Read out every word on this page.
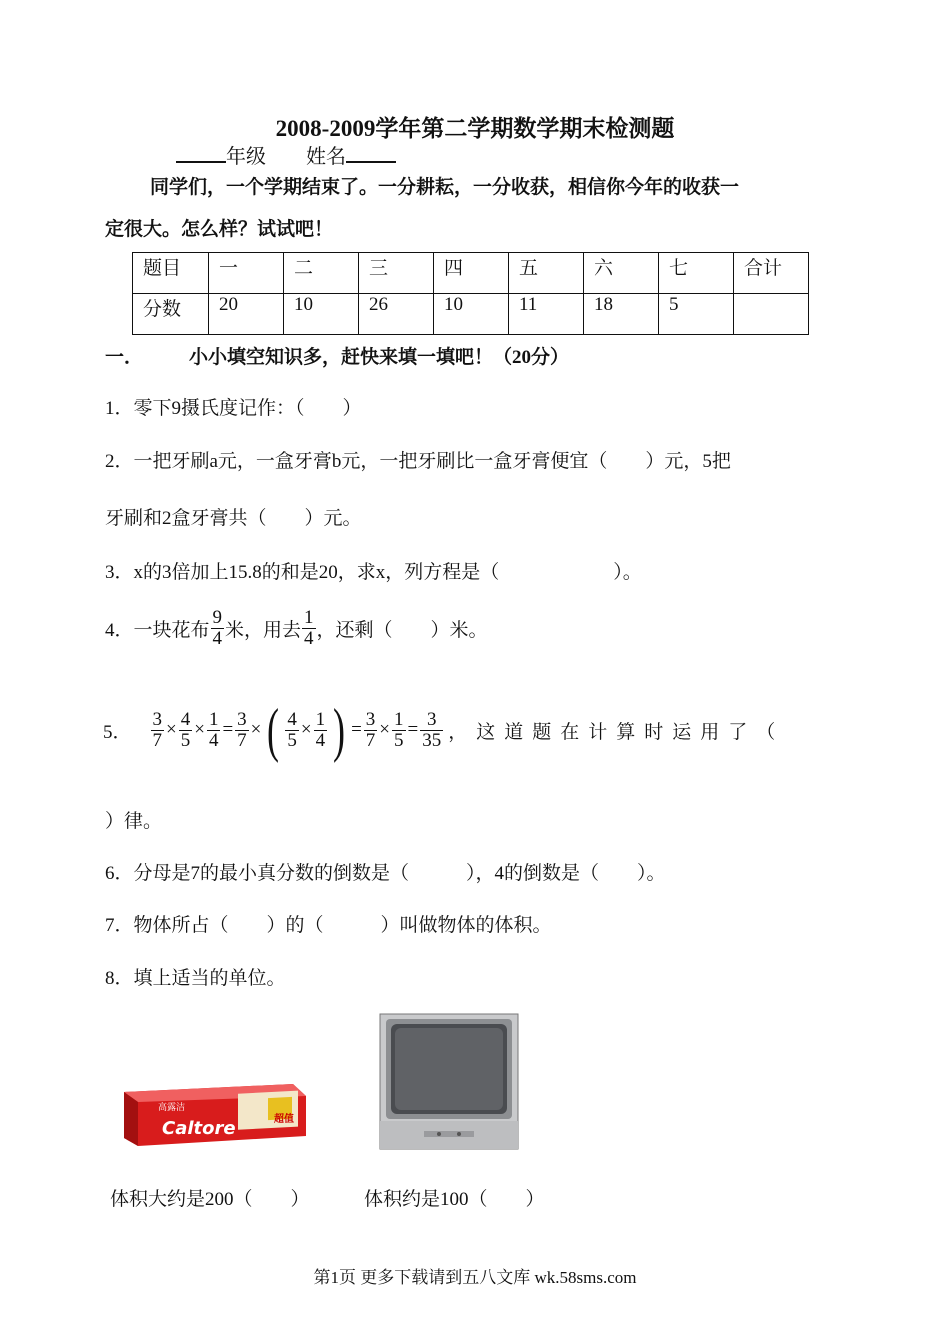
2008-2009学年第二学期数学期末检测题
年级 姓名
同学们，一个学期结束了。一分耕耘，一分收获，相信你今年的收获一
定很大。怎么样？试试吧！
题目	一	二	三	四	五	六	七	合计
分数	20	10	26	10	11	18	5	
一． 小小填空知识多，赶快来填一填吧！（20分）
1．零下9摄氏度记作：（　　）
2．一把牙刷a元，一盒牙膏b元，一把牙刷比一盒牙膏便宜（　　）元，5把
牙刷和2盒牙膏共（　　）元。
3．x的3倍加上15.8的和是20，求x，列方程是（　　　　　　）。
4．一块花布 $\frac{9}{4}$ 米，用去 $\frac{1}{4}$ ，还剩（　　）米。
5． $\frac{3}{7} \times \frac{4}{5} \times \frac{1}{4} = \frac{3}{7}$ × ( $\frac{4}{5} \times \frac{1}{4}$ ) = $\frac{3}{7} \times \frac{1}{5} = \frac{3}{35}$ ，这道题在计算时运用了（
）律。
6．分母是7的最小真分数的倒数是（　　　），4的倒数是（　　）。
7．物体所占（　　）的（　　　）叫做物体的体积。
8．填上适当的单位。
超值
高露洁
Caltore
体积大约是200（　　）	体积约是100（　　）
第1页 更多下载请到五八文库 wk.58sms.com
